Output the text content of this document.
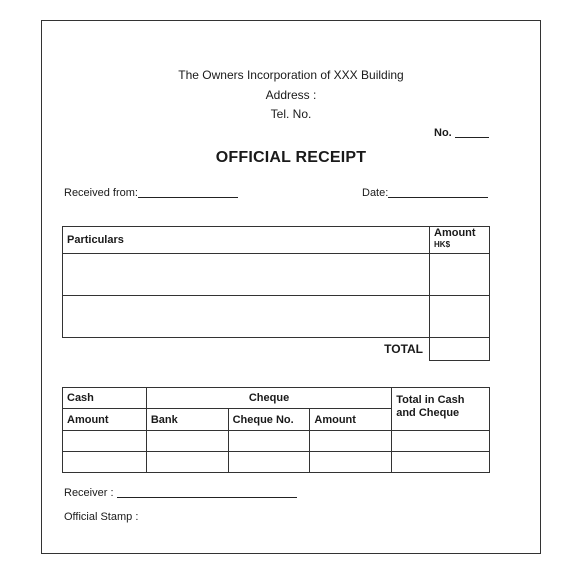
The Owners Incorporation of XXX Building
Address :
Tel. No.
No.
OFFICIAL RECEIPT
Received from:	Date:
Particulars	Amount
HK$

TOTAL	
Cash	Cheque			Total in Cash and Cheque
Amount	Bank	Cheque No.	Amount	

Receiver :
Official Stamp :
